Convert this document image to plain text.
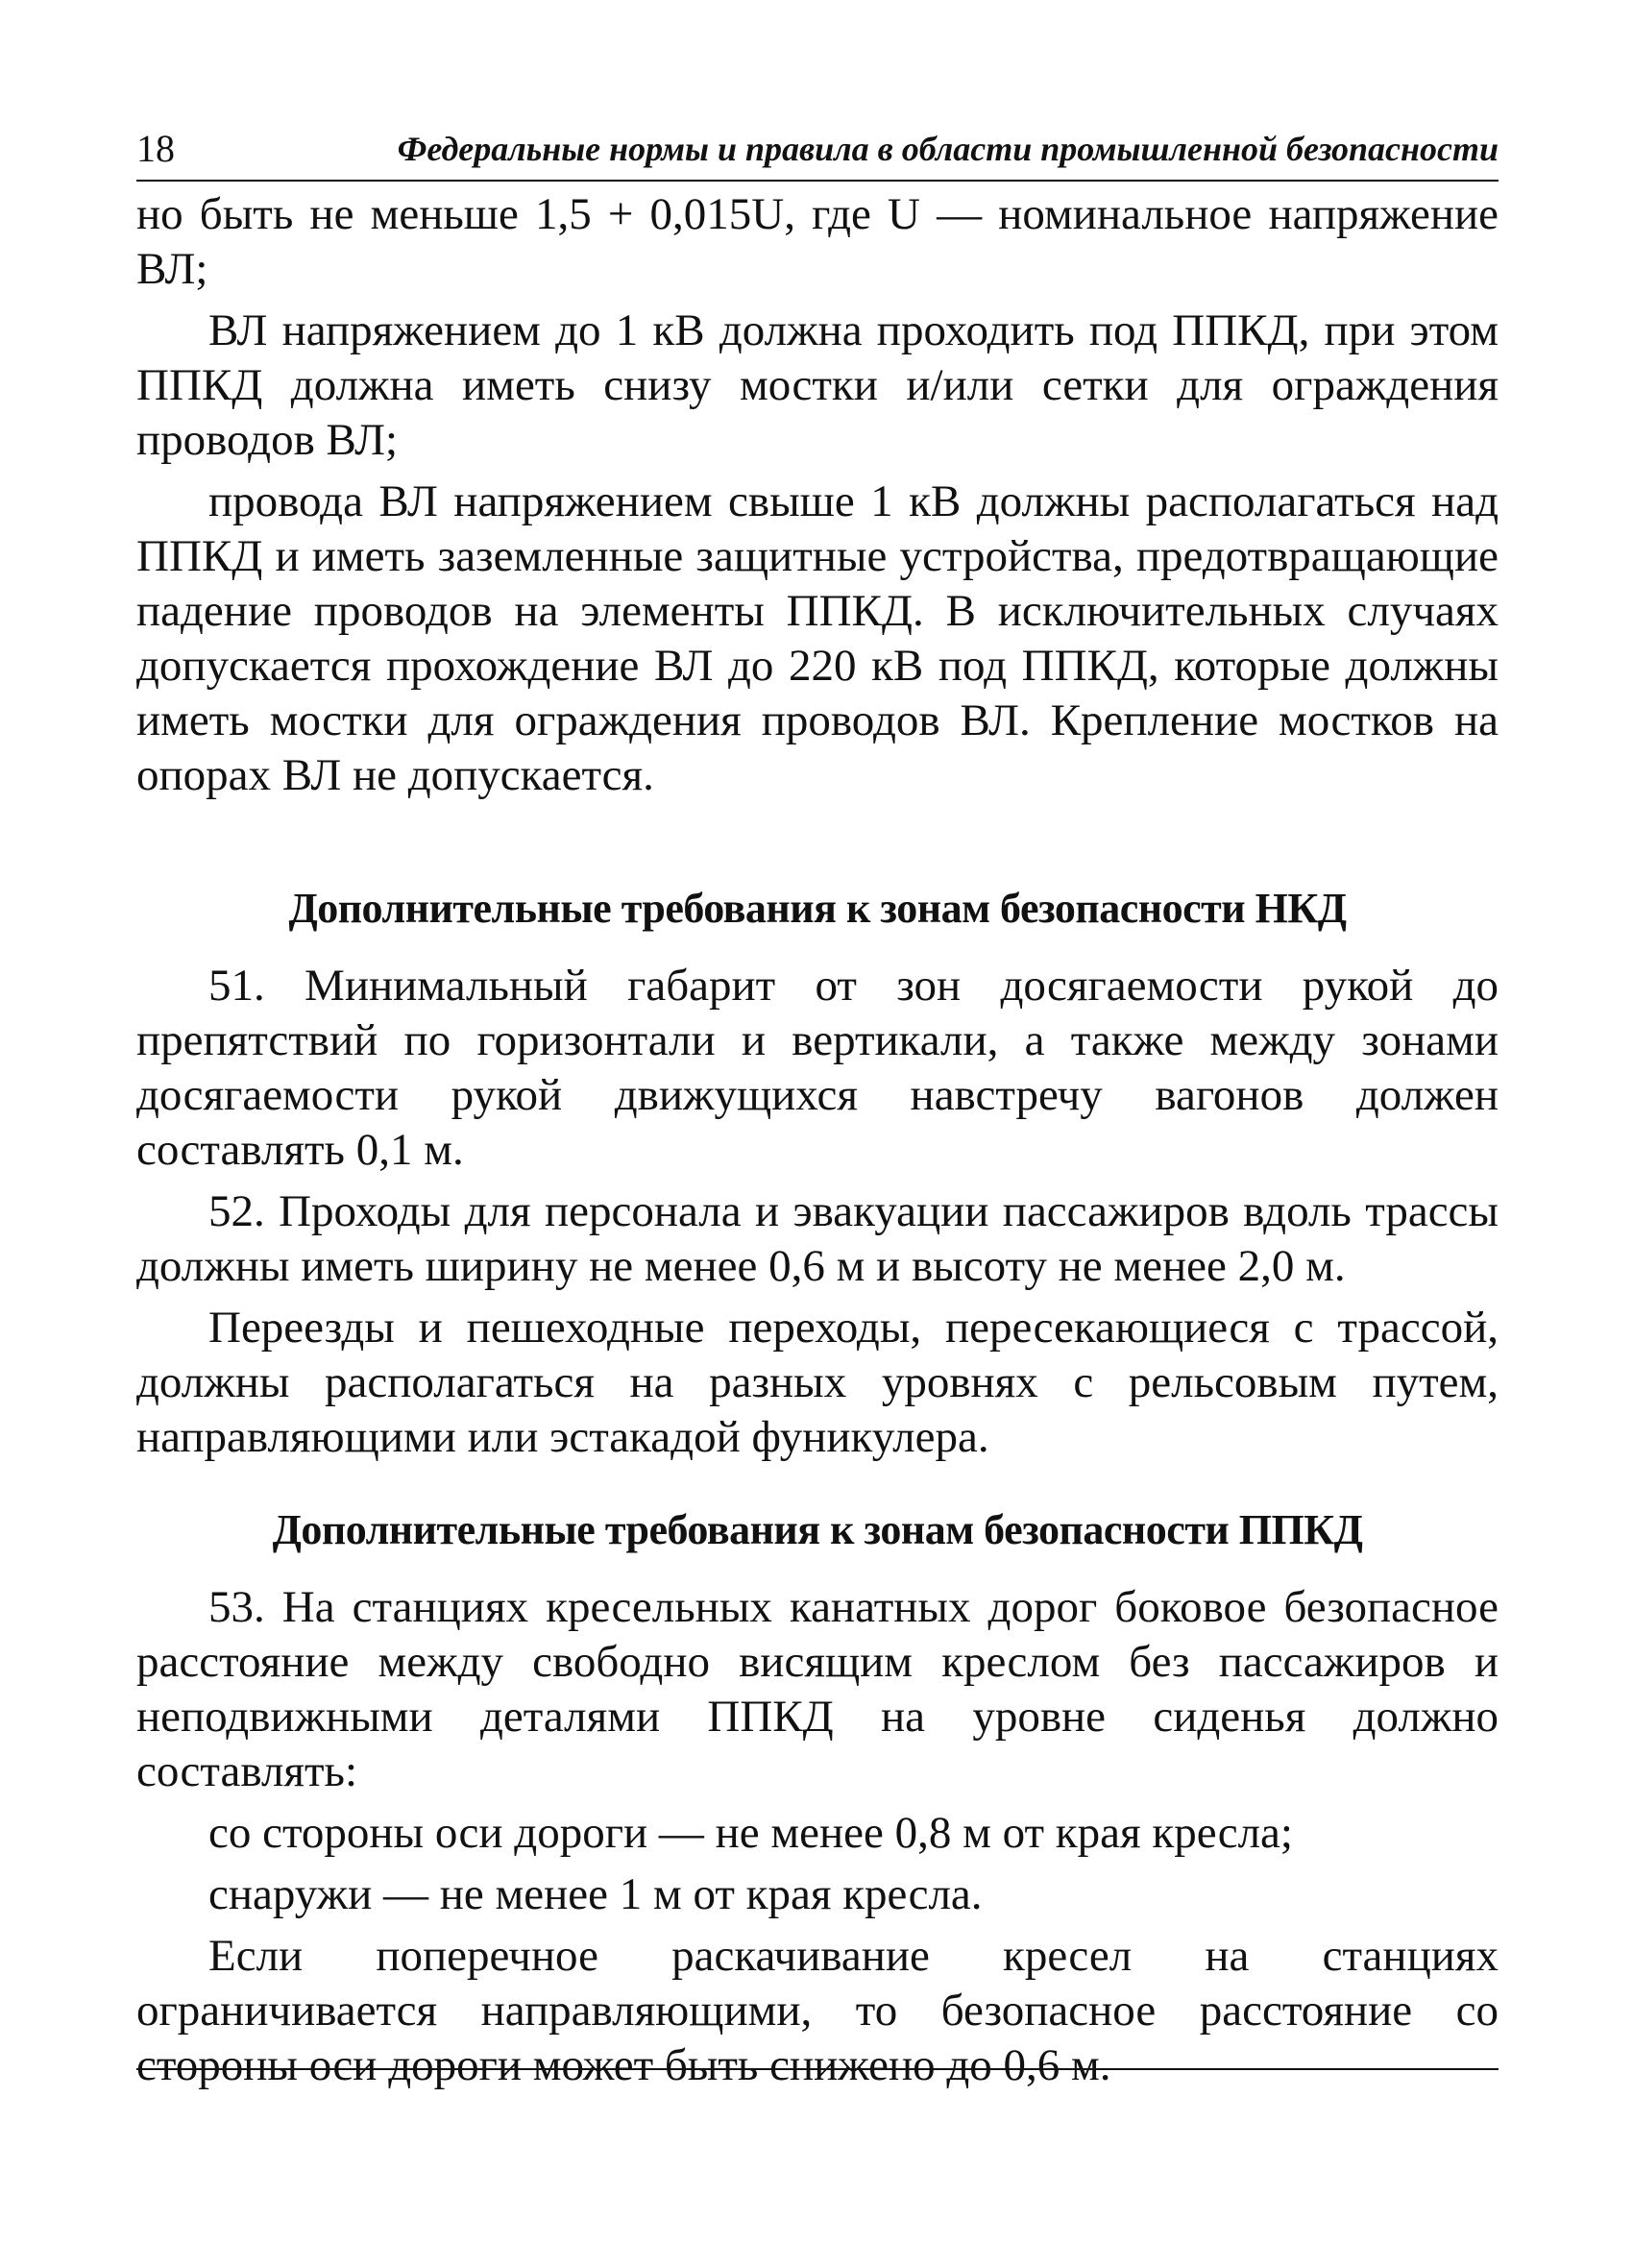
18	Федеральные нормы и правила в области промышленной безопасности

но быть не меньше 1,5 + 0,015U, где U — номинальное напряжение ВЛ;

ВЛ напряжением до 1 кВ должна проходить под ППКД, при этом ППКД должна иметь снизу мостки и/или сетки для ограждения проводов ВЛ;

провода ВЛ напряжением свыше 1 кВ должны располагаться над ППКД и иметь заземленные защитные устройства, предотвращающие падение проводов на элементы ППКД. В исключительных случаях допускается прохождение ВЛ до 220 кВ под ППКД, которые должны иметь мостки для ограждения проводов ВЛ. Крепление мостков на опорах ВЛ не допускается.

Дополнительные требования к зонам безопасности НКД

51. Минимальный габарит от зон досягаемости рукой до препятствий по горизонтали и вертикали, а также между зонами досягаемости рукой движущихся навстречу вагонов должен составлять 0,1 м.

52. Проходы для персонала и эвакуации пассажиров вдоль трассы должны иметь ширину не менее 0,6 м и высоту не менее 2,0 м.

Переезды и пешеходные переходы, пересекающиеся с трассой, должны располагаться на разных уровнях с рельсовым путем, направляющими или эстакадой фуникулера.

Дополнительные требования к зонам безопасности ППКД

53. На станциях кресельных канатных дорог боковое безопасное расстояние между свободно висящим креслом без пассажиров и неподвижными деталями ППКД на уровне сиденья должно составлять:

со стороны оси дороги — не менее 0,8 м от края кресла;

снаружи — не менее 1 м от края кресла.

Если поперечное раскачивание кресел на станциях ограничивается направляющими, то безопасное расстояние со стороны оси дороги может быть снижено до 0,6 м.
